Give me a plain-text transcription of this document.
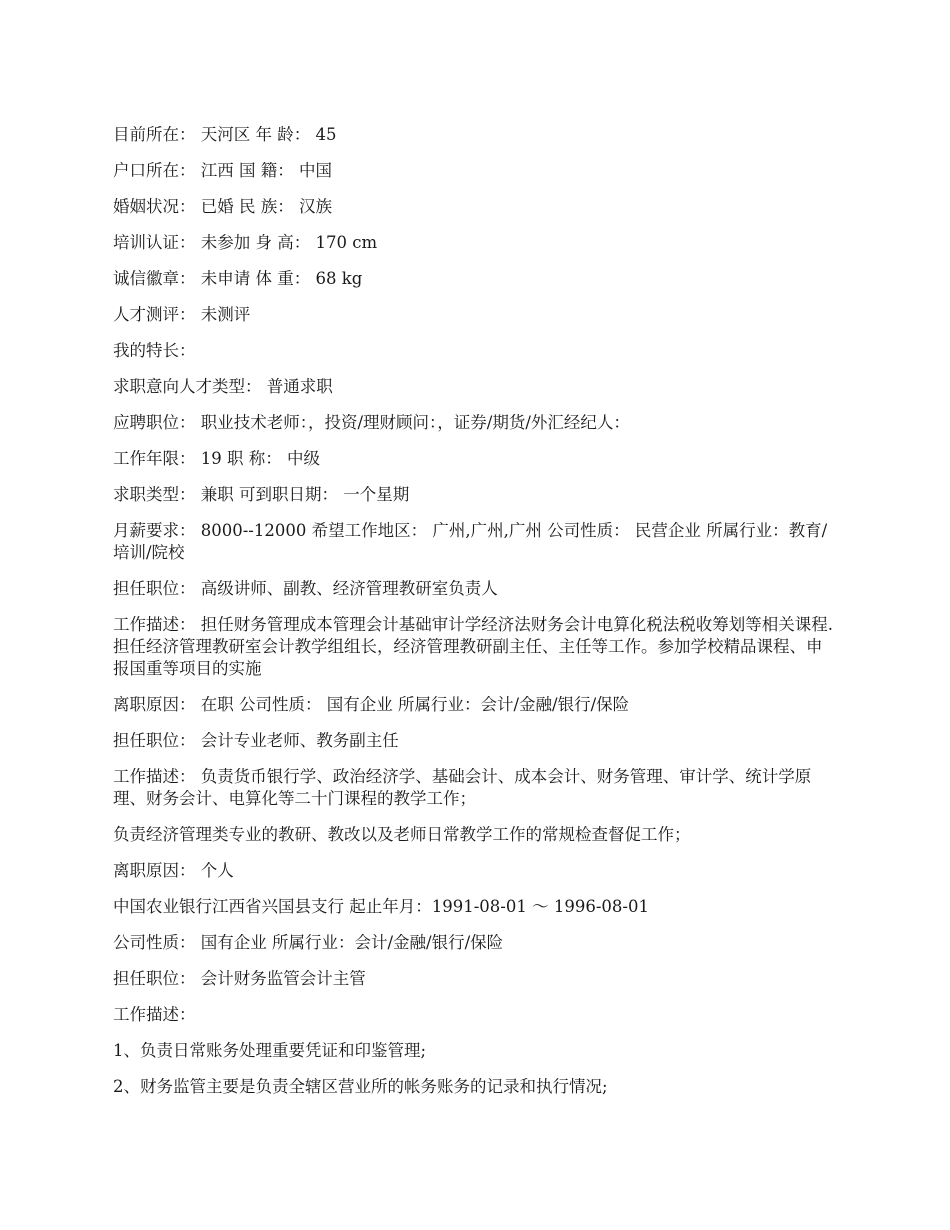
目前所在： 天河区 年 龄： 45

户口所在： 江西 国 籍： 中国

婚姻状况： 已婚 民 族： 汉族

培训认证： 未参加 身 高： 170 cm

诚信徽章： 未申请 体 重： 68 kg

人才测评： 未测评

我的特长：

求职意向人才类型： 普通求职

应聘职位： 职业技术老师：，投资/理财顾问：，证券/期货/外汇经纪人：

工作年限： 19 职 称： 中级

求职类型： 兼职 可到职日期： 一个星期

月薪要求： 8000--12000 希望工作地区： 广州,广州,广州 公司性质： 民营企业 所属行业：教育/培训/院校

担任职位： 高级讲师、副教、经济管理教研室负责人

工作描述： 担任财务管理成本管理会计基础审计学经济法财务会计电算化税法税收筹划等相关课程.担任经济管理教研室会计教学组组长，经济管理教研副主任、主任等工作。参加学校精品课程、申报国重等项目的实施

离职原因： 在职 公司性质： 国有企业 所属行业：会计/金融/银行/保险

担任职位： 会计专业老师、教务副主任

工作描述： 负责货币银行学、政治经济学、基础会计、成本会计、财务管理、审计学、统计学原理、财务会计、电算化等二十门课程的教学工作；

负责经济管理类专业的教研、教改以及老师日常教学工作的常规检查督促工作；

离职原因： 个人

中国农业银行江西省兴国县支行 起止年月：1991-08-01 ～ 1996-08-01

公司性质： 国有企业 所属行业：会计/金融/银行/保险

担任职位： 会计财务监管会计主管

工作描述：

1、负责日常账务处理重要凭证和印鉴管理;

2、财务监管主要是负责全辖区营业所的帐务账务的记录和执行情况;
